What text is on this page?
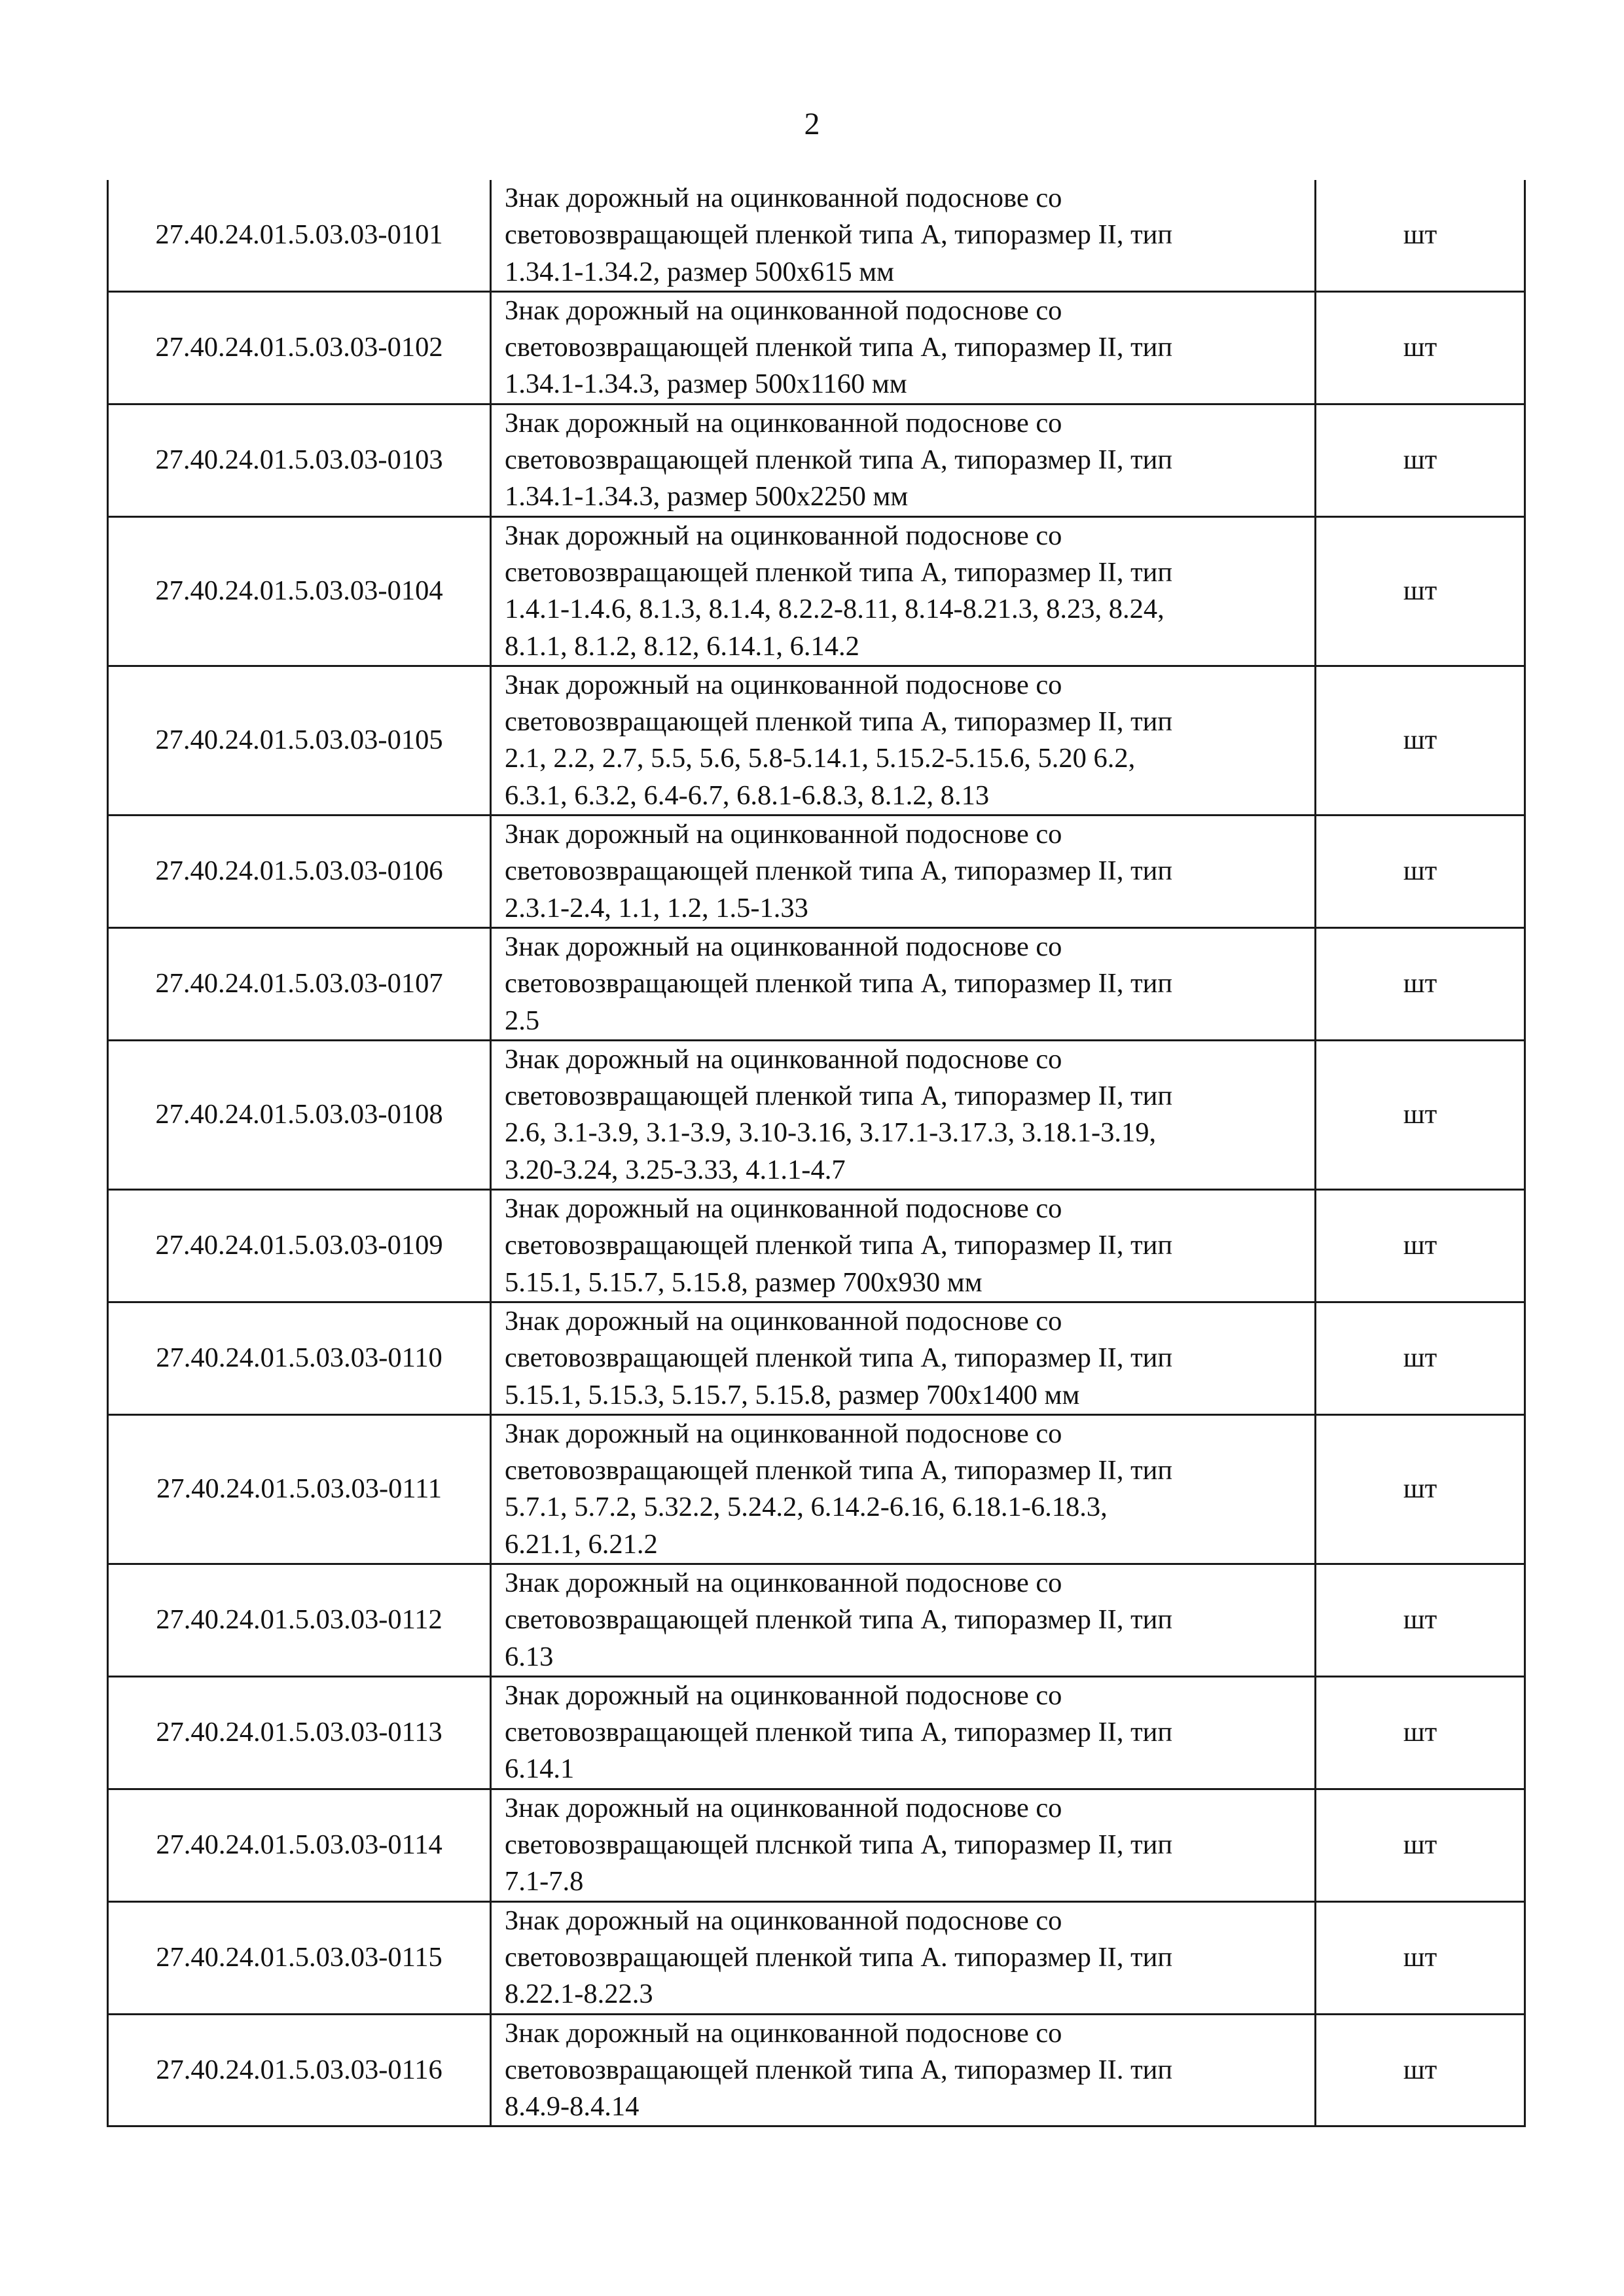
2
27.40.24.01.5.03.03-0101	Знак дорожный на оцинкованной подоснове со
световозвращающей пленкой типа А, типоразмер II, тип
1.34.1-1.34.2, размер 500х615 мм	шт
27.40.24.01.5.03.03-0102	Знак дорожный на оцинкованной подоснове со
световозвращающей пленкой типа А, типоразмер II, тип
1.34.1-1.34.3, размер 500х1160 мм	шт
27.40.24.01.5.03.03-0103	Знак дорожный на оцинкованной подоснове со
световозвращающей пленкой типа А, типоразмер II, тип
1.34.1-1.34.3, размер 500х2250 мм	шт
27.40.24.01.5.03.03-0104	Знак дорожный на оцинкованной подоснове со
световозвращающей пленкой типа А, типоразмер II, тип
1.4.1-1.4.6, 8.1.3, 8.1.4, 8.2.2-8.11, 8.14-8.21.3, 8.23, 8.24,
8.1.1, 8.1.2, 8.12, 6.14.1, 6.14.2	шт
27.40.24.01.5.03.03-0105	Знак дорожный на оцинкованной подоснове со
световозвращающей пленкой типа А, типоразмер II, тип
2.1, 2.2, 2.7, 5.5, 5.6, 5.8-5.14.1, 5.15.2-5.15.6, 5.20 6.2,
6.3.1, 6.3.2, 6.4-6.7, 6.8.1-6.8.3, 8.1.2, 8.13	шт
27.40.24.01.5.03.03-0106	Знак дорожный на оцинкованной подоснове со
световозвращающей пленкой типа А, типоразмер II, тип
2.3.1-2.4, 1.1, 1.2, 1.5-1.33	шт
27.40.24.01.5.03.03-0107	Знак дорожный на оцинкованной подоснове со
световозвращающей пленкой типа А, типоразмер II, тип
2.5	шт
27.40.24.01.5.03.03-0108	Знак дорожный на оцинкованной подоснове со
световозвращающей пленкой типа А, типоразмер II, тип
2.6, 3.1-3.9, 3.1-3.9, 3.10-3.16, 3.17.1-3.17.3, 3.18.1-3.19,
3.20-3.24, 3.25-3.33, 4.1.1-4.7	шт
27.40.24.01.5.03.03-0109	Знак дорожный на оцинкованной подоснове со
световозвращающей пленкой типа А, типоразмер II, тип
5.15.1, 5.15.7, 5.15.8, размер 700х930 мм	шт
27.40.24.01.5.03.03-0110	Знак дорожный на оцинкованной подоснове со
световозвращающей пленкой типа А, типоразмер II, тип
5.15.1, 5.15.3, 5.15.7, 5.15.8, размер 700х1400 мм	шт
27.40.24.01.5.03.03-0111	Знак дорожный на оцинкованной подоснове со
световозвращающей пленкой типа А, типоразмер II, тип
5.7.1, 5.7.2, 5.32.2, 5.24.2, 6.14.2-6.16, 6.18.1-6.18.3,
6.21.1, 6.21.2	шт
27.40.24.01.5.03.03-0112	Знак дорожный на оцинкованной подоснове со
световозвращающей пленкой типа А, типоразмер II, тип
6.13	шт
27.40.24.01.5.03.03-0113	Знак дорожный на оцинкованной подоснове со
световозвращающей пленкой типа А, типоразмер II, тип
6.14.1	шт
27.40.24.01.5.03.03-0114	Знак дорожный на оцинкованной подоснове со
световозвращающей плснкой типа А, типоразмер II, тип
7.1-7.8	шт
27.40.24.01.5.03.03-0115	Знак дорожный на оцинкованной подоснове со
световозвращающей пленкой типа А. типоразмер II, тип
8.22.1-8.22.3	шт
27.40.24.01.5.03.03-0116	Знак дорожный на оцинкованной подоснове со
световозвращающей пленкой типа А, типоразмер II. тип
8.4.9-8.4.14	шт
